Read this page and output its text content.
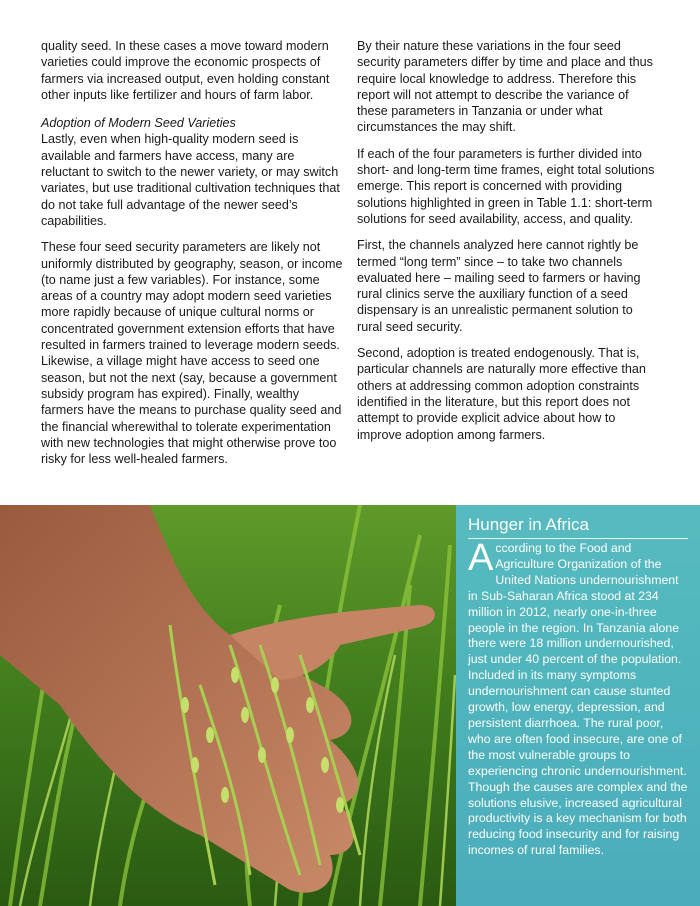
quality seed. In these cases a move toward modern varieties could improve the economic prospects of farmers via increased output, even holding constant other inputs like fertilizer and hours of farm labor.

Adoption of Modern Seed Varieties

Lastly, even when high-quality modern seed is available and farmers have access, many are reluctant to switch to the newer variety, or may switch variates, but use traditional cultivation techniques that do not take full advantage of the newer seed’s capabilities.

These four seed security parameters are likely not uniformly distributed by geography, season, or income (to name just a few variables). For instance, some areas of a country may adopt modern seed varieties more rapidly because of unique cultural norms or concentrated government extension efforts that have resulted in farmers trained to leverage modern seeds. Likewise, a village might have access to seed one season, but not the next (say, because a government subsidy program has expired). Finally, wealthy farmers have the means to purchase quality seed and the financial wherewithal to tolerate experimentation with new technologies that might otherwise prove too risky for less well-healed farmers.

By their nature these variations in the four seed security parameters differ by time and place and thus require local knowledge to address. Therefore this report will not attempt to describe the variance of these parameters in Tanzania or under what circumstances the may shift.

If each of the four parameters is further divided into short- and long-term time frames, eight total solutions emerge. This report is concerned with providing solutions highlighted in green in Table 1.1: short-term solutions for seed availability, access, and quality.

First, the channels analyzed here cannot rightly be termed “long term” since – to take two channels evaluated here – mailing seed to farmers or having rural clinics serve the auxiliary function of a seed dispensary is an unrealistic permanent solution to rural seed security.

Second, adoption is treated endogenously. That is, particular channels are naturally more effective than others at addressing common adoption constraints identified in the literature, but this report does not attempt to provide explicit advice about how to improve adoption among farmers.

Hunger in Africa
According to the Food and Agriculture Organization of the United Nations undernourishment in Sub-Saharan Africa stood at 234 million in 2012, nearly one-in-three people in the region. In Tanzania alone there were 18 million undernourished, just under 40 percent of the population. Included in its many symptoms undernourishment can cause stunted growth, low energy, depression, and persistent diarrhoea. The rural poor, who are often food insecure, are one of the most vulnerable groups to experiencing chronic undernourishment. Though the causes are complex and the solutions elusive, increased agricultural productivity is a key mechanism for both reducing food insecurity and for raising incomes of rural families.
